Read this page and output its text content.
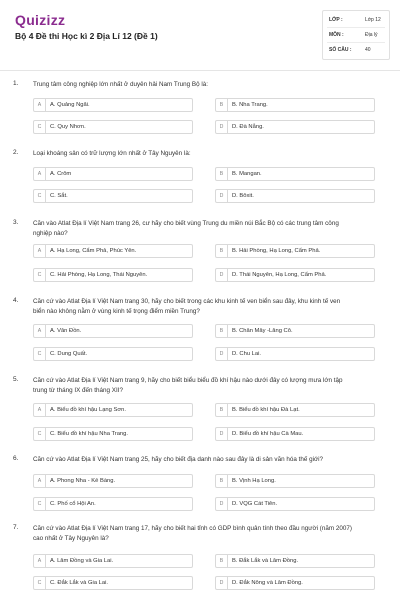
Quizizz
Bộ 4 Đề thi Học kì 2 Địa Lí 12 (Đề 1)
LỚP :	Lớp 12
MÔN :	Địa lý
SỐ CÂU :	40
1. Trung tâm công nghiệp lớn nhất ở duyên hải Nam Trung Bộ là:
A	A. Quảng Ngãi.	B	B. Nha Trang.
C	C. Quy Nhơn.	D	D. Đà Nẵng.
2. Loại khoáng sản có trữ lượng lớn nhất ở Tây Nguyên là:
A	A. Crôm	B	B. Mangan.
C	C. Sắt.	D	D. Bôxit.
3. Căn vào Atlat Địa lí Việt Nam trang 26, cư hãy cho biết vùng Trung du miền núi Bắc Bộ có các trung tâm công nghiệp nào?
A	A. Hạ Long, Cẩm Phả, Phúc Yên.	B	B. Hải Phòng, Hạ Long, Cẩm Phả.
C	C. Hải Phòng, Hạ Long, Thái Nguyên.	D	D. Thái Nguyên, Hạ Long, Cẩm Phả.
4. Căn cứ vào Atlat Địa lí Việt Nam trang 30, hãy cho biết trong các khu kinh tế ven biển sau đây, khu kinh tế ven biển nào không nằm ở vùng kinh tế trọng điểm miền Trung?
A	A. Vân Đồn.	B	B. Chân Mây -Lăng Cô.
C	C. Dung Quất.	D	D. Chu Lai.
5. Căn cứ vào Atlat Địa lí Việt Nam trang 9, hãy cho biết biểu biểu đồ khí hậu nào dưới đây có lượng mưa lớn tập trung từ tháng IX đến tháng XII?
A	A. Biểu đồ khí hậu Lạng Sơn.	B	B. Biểu đồ khí hậu Đà Lạt.
C	C. Biểu đồ khí hậu Nha Trang.	D	D. Biểu đồ khí hậu Cà Mau.
6. Căn cứ vào Atlat Địa lí Việt Nam trang 25, hãy cho biết địa danh nào sau đây là di sản văn hóa thế giới?
A	A. Phong Nha - Kẻ Bàng.	B	B. Vịnh Hạ Long.
C	C. Phố cổ Hội An.	D	D. VQG Cát Tiên.
7. Căn cứ vào Atlat Địa lí Việt Nam trang 17, hãy cho biết hai tỉnh có GDP bình quân tính theo đầu người (năm 2007) cao nhất ở Tây Nguyên là?
A	A. Lâm Đồng và Gia Lai.	B	B. Đắk Lắk và Lâm Đồng.
C	C. Đắk Lắk và Gia Lai.	D	D. Đắk Nông và Lâm Đồng.
